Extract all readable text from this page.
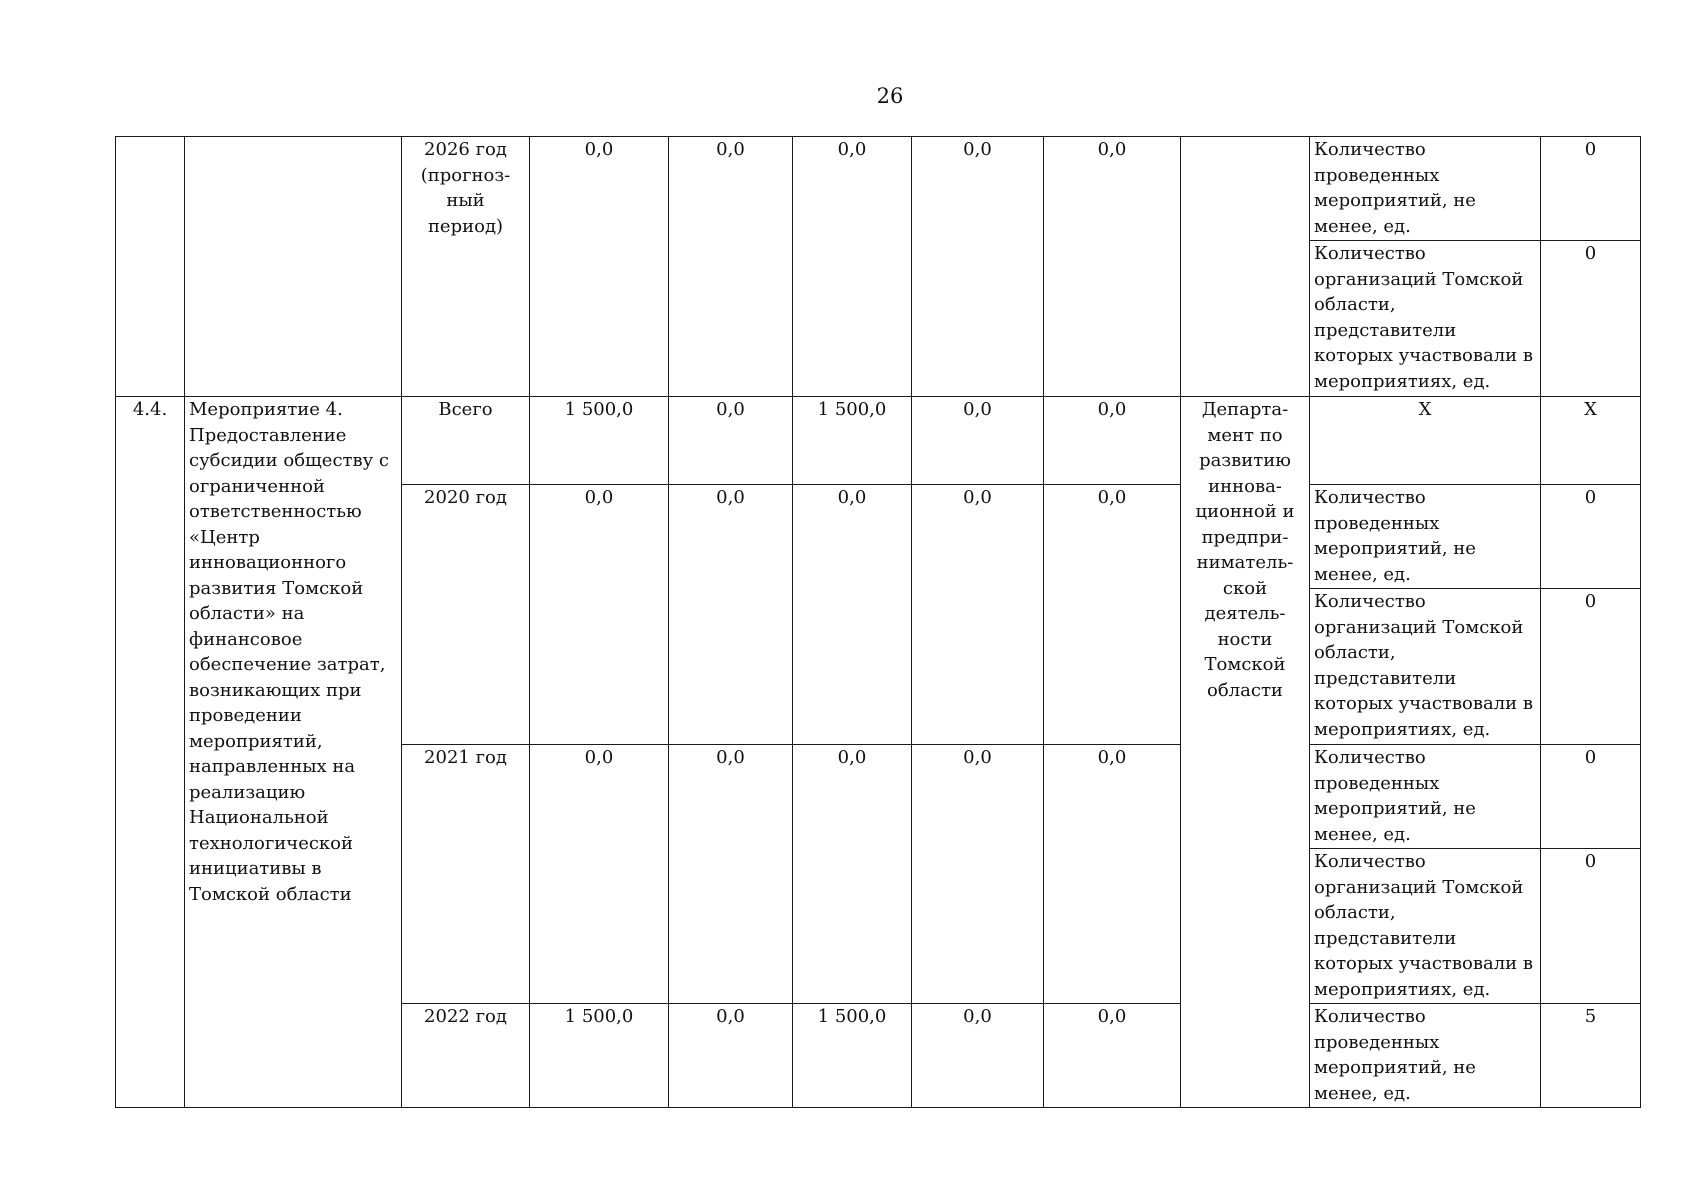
26
		2026 год (прогноз-ный период)	0,0	0,0	0,0	0,0	0,0		Количество проведенных мероприятий, не менее, ед.	0
									Количество организаций Томской области, представители которых участвовали в мероприятиях, ед.	0
4.4.	Мероприятие 4. Предоставление субсидии обществу с ограниченной ответственностью «Центр инновационного развития Томской области» на финансовое обеспечение затрат, возникающих при проведении мероприятий, направленных на реализацию Национальной технологической инициативы в Томской области	Всего	1 500,0	0,0	1 500,0	0,0	0,0	Департа-мент по развитию иннова-ционной и предпри-ниматель-ской деятель-ности Томской области	Х	Х
		2020 год	0,0	0,0	0,0	0,0	0,0		Количество проведенных мероприятий, не менее, ед.	0
									Количество организаций Томской области, представители которых участвовали в мероприятиях, ед.	0
		2021 год	0,0	0,0	0,0	0,0	0,0		Количество проведенных мероприятий, не менее, ед.	0
									Количество организаций Томской области, представители которых участвовали в мероприятиях, ед.	0
		2022 год	1 500,0	0,0	1 500,0	0,0	0,0		Количество проведенных мероприятий, не менее, ед.	5
